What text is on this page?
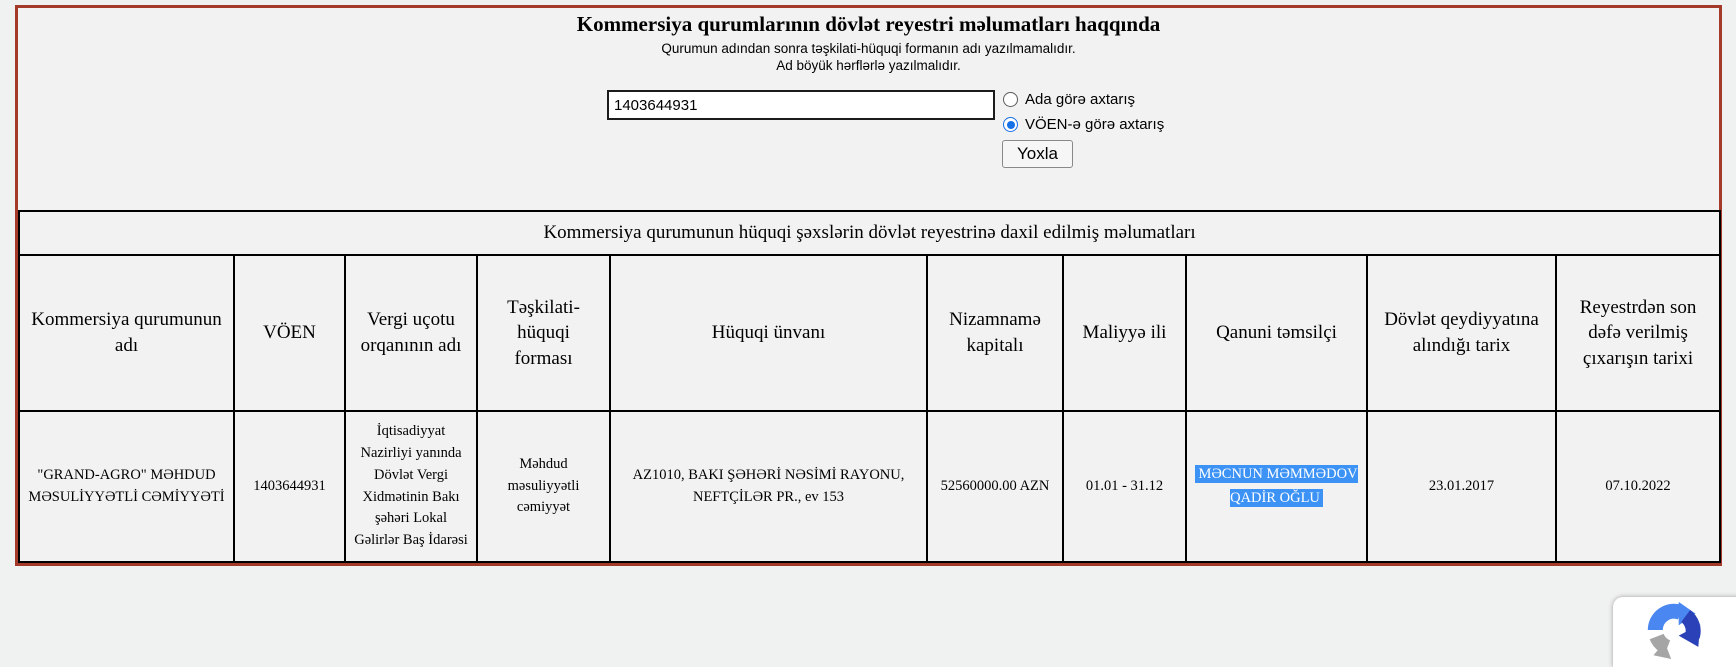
Kommersiya qurumlarının dövlət reyestri məlumatları haqqında
Qurumun adından sonra təşkilati-hüquqi formanın adı yazılmamalıdır.
Ad böyük hərflərlə yazılmalıdır.
1403644931
Ada görə axtarış
VÖEN-ə görə axtarış
Yoxla
Kommersiya qurumunun hüquqi şəxslərin dövlət reyestrinə daxil edilmiş məlumatları									
Kommersiya qurumunun adı	VÖEN	Vergi uçotu orqanının adı	Təşkilati-hüquqi forması	Hüquqi ünvanı	Nizamnamə kapitalı	Maliyyə ili	Qanuni təmsilçi	Dövlət qeydiyyatına alındığı tarix	Reyestrdən son dəfə verilmiş çıxarışın tarixi
"GRAND-AGRO" MƏHDUD MƏSULİYYƏTLİ CƏMİYYƏTİ	1403644931	İqtisadiyyat Nazirliyi yanında Dövlət Vergi Xidmətinin Bakı şəhəri Lokal Gəlirlər Baş İdarəsi	Məhdud məsuliyyətli cəmiyyət	AZ1010, BAKI ŞƏHƏRİ NƏSİMİ RAYONU, NEFTÇİLƏR PR., ev 153	52560000.00 AZN	01.01 - 31.12	MƏCNUN MƏMMƏDOV QADİR OĞLU	23.01.2017	07.10.2022
